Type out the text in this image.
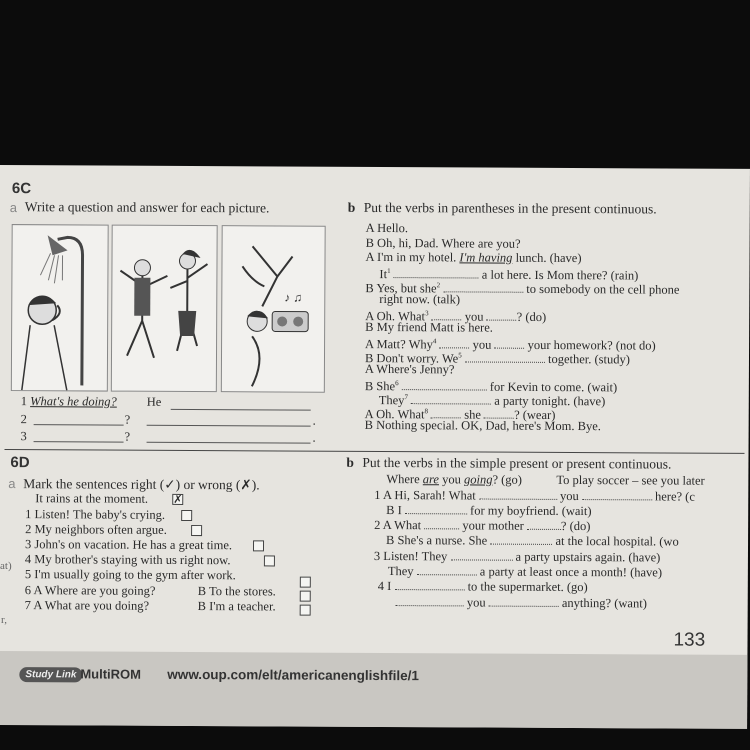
6C
a Write a question and answer for each picture.
♪ ♫
1 What's he doing? He
2	?	.
3	?	.
b Put the verbs in parentheses in the present continuous.
A Hello.
B Oh, hi, Dad. Where are you?
A I'm in my hotel. I'm having lunch. (have)
It$^1$	a lot here. Is Mom there? (rain)
B Yes, but she$^2$	to somebody on the cell phone
right now. (talk)
A Oh. What$^3$	you	? (do)
B My friend Matt is here.
A Matt? Why$^4$	you	your homework? (not do)
B Don't worry. We$^5$	together. (study)
A Where's Jenny?
B She$^6$	for Kevin to come. (wait)
They$^7$	a party tonight. (have)
A Oh. What$^8$	she	? (wear)
B Nothing special. OK, Dad, here's Mom. Bye.
6D
a Mark the sentences right (✓) or wrong (✗).
It rains at the moment. ✗
1 Listen! The baby's crying.
2 My neighbors often argue.
3 John's on vacation. He has a great time.
4 My brother's staying with us right now.
5 I'm usually going to the gym after work.
6 A Where are you going?	B To the stores.
7 A What are you doing?	B I'm a teacher.
b Put the verbs in the simple present or present continuous.
Where are you going? (go)	To play soccer – see you later
1 A Hi, Sarah! What	you	here? (c
B I	for my boyfriend. (wait)
2 A What	your mother	? (do)
B She's a nurse. She	at the local hospital. (wo
3 Listen! They	a party upstairs again. (have)
They	a party at least once a month! (have)
4 I	to the supermarket. (go)
you	anything? (want)
133
Study Link MultiROM www.oup.com/elt/americanenglishfile/1
at)
r,
